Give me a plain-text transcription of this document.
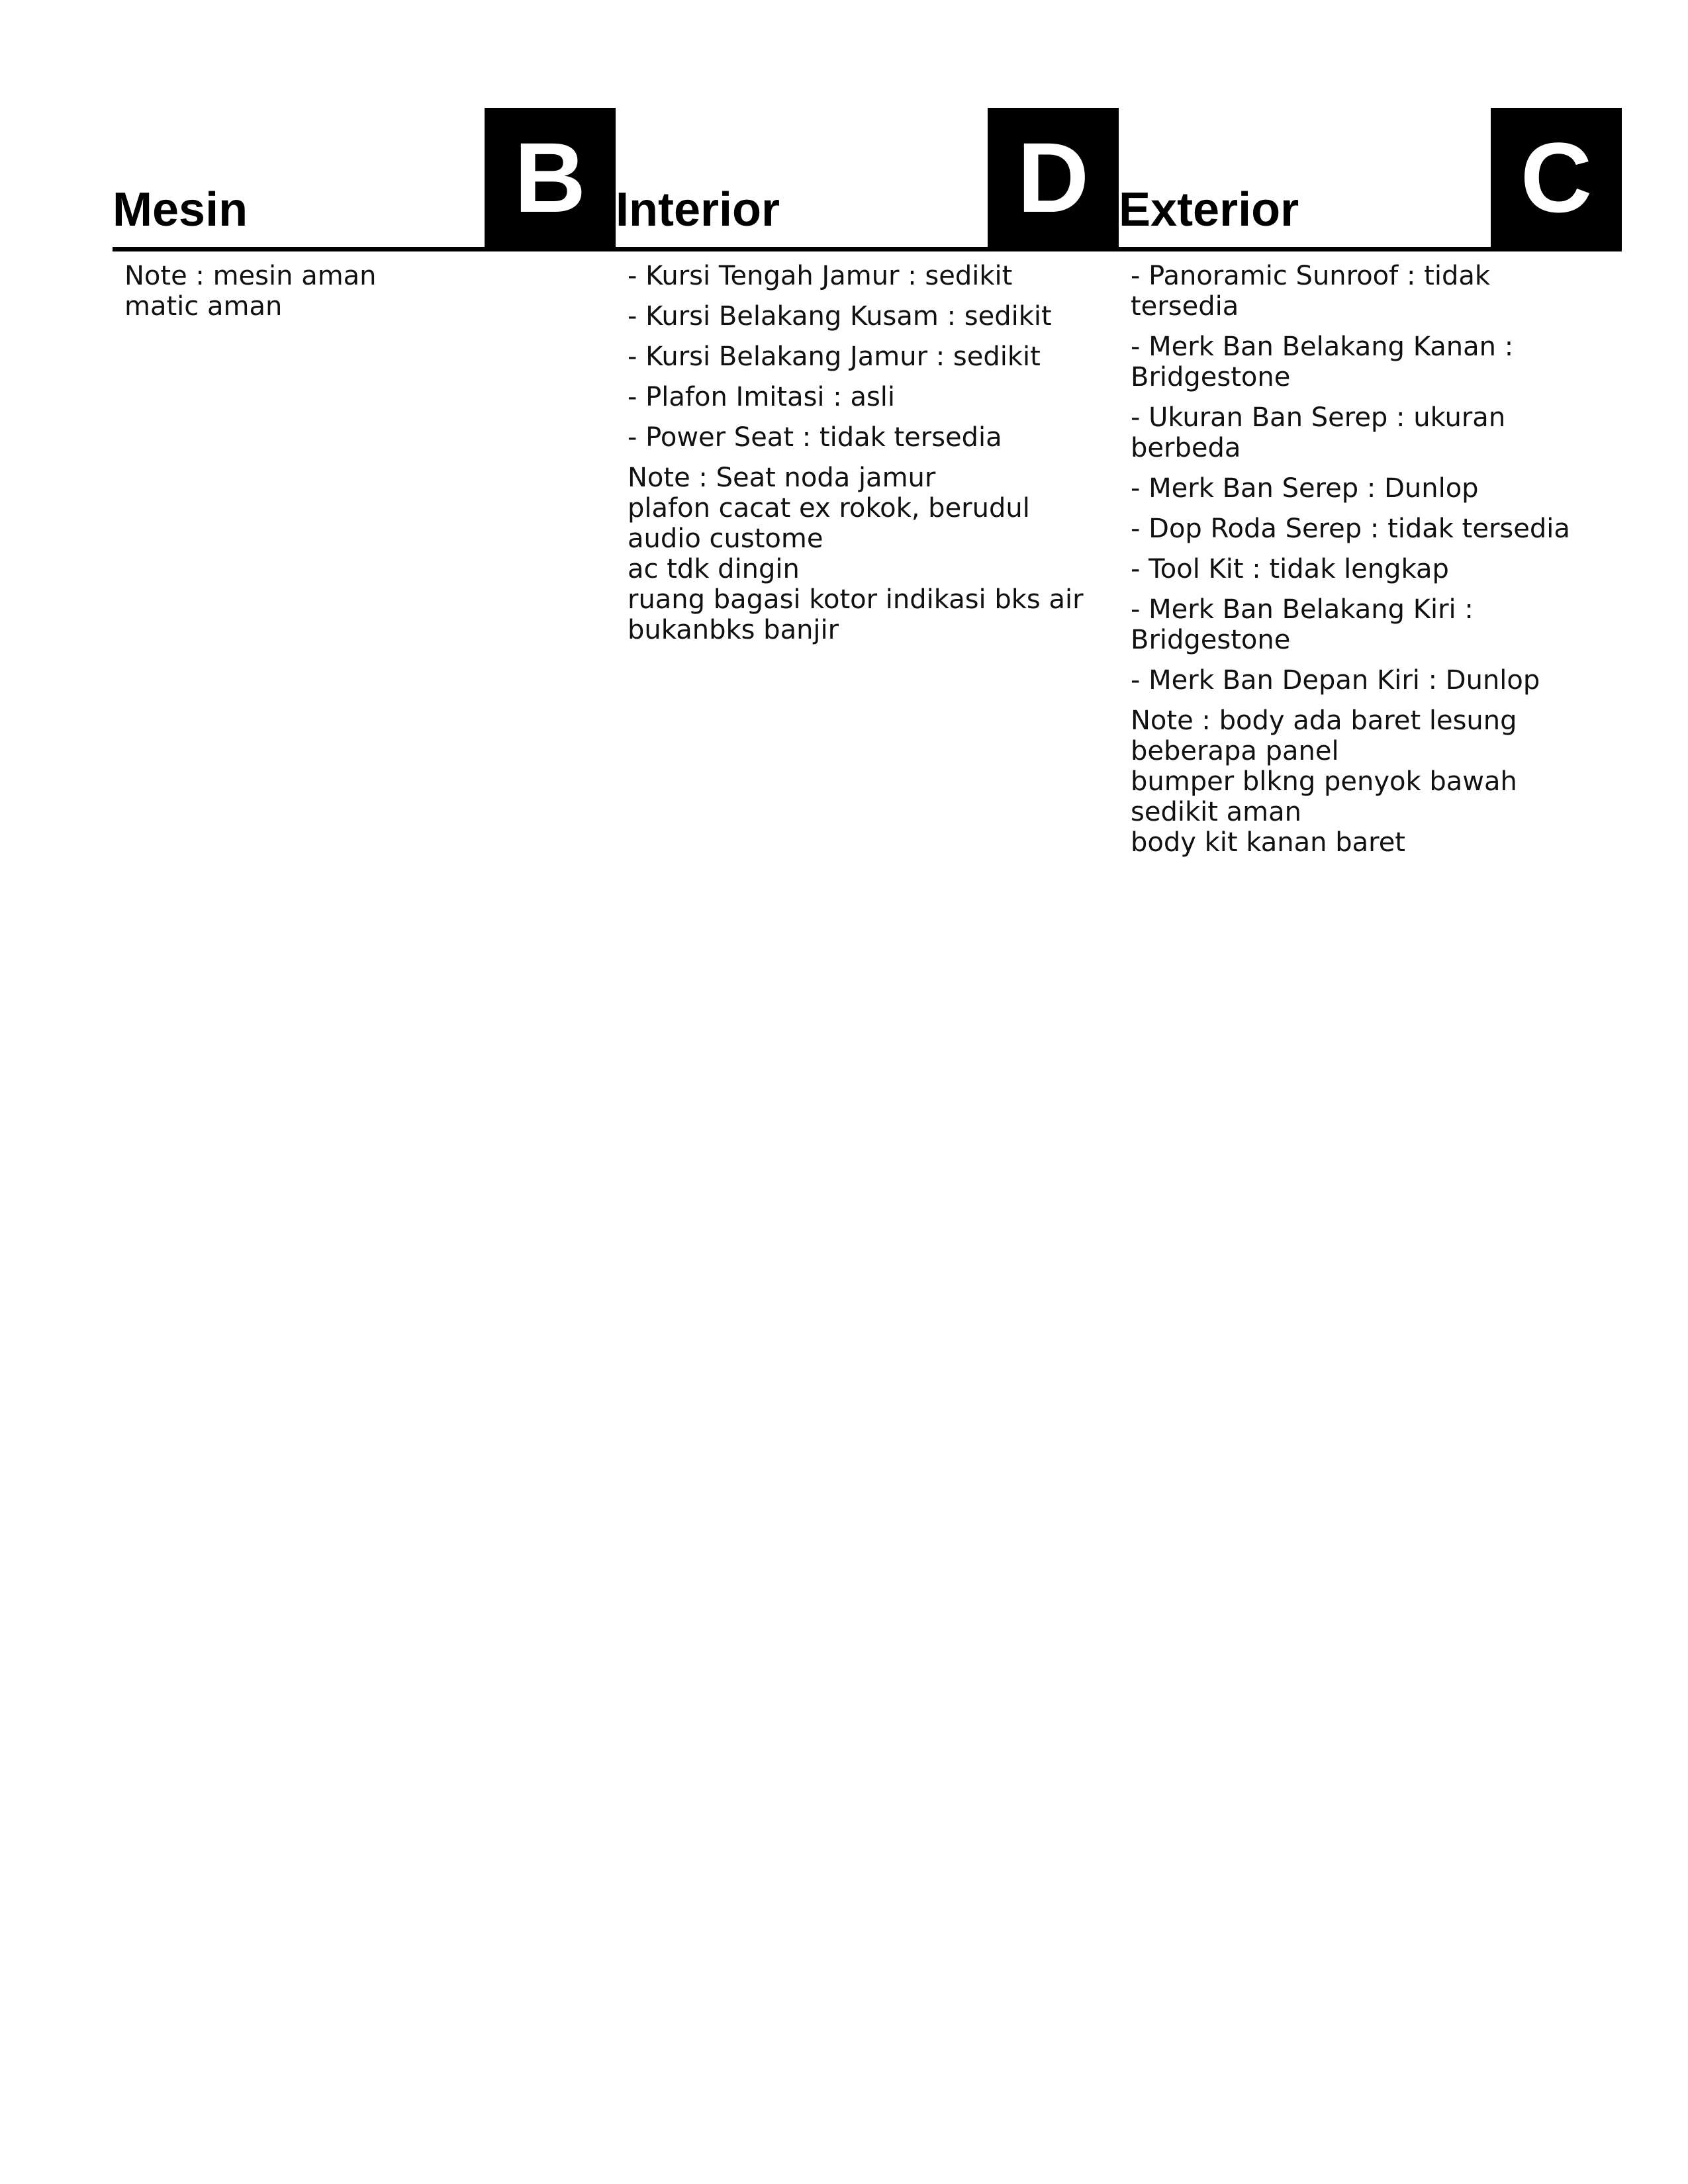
Mesin	B
Note : mesin aman
matic aman
Interior D
- Kursi Tengah Jamur : sedikit
- Kursi Belakang Kusam : sedikit
- Kursi Belakang Jamur : sedikit
- Plafon Imitasi : asli
- Power Seat : tidak tersedia
Note : Seat noda jamur
plafon cacat ex rokok, berudul
audio custome
ac tdk dingin
ruang bagasi kotor indikasi bks air
bukanbks banjir
Exterior C
- Panoramic Sunroof : tidak tersedia
- Merk Ban Belakang Kanan : Bridgestone
- Ukuran Ban Serep : ukuran berbeda
- Merk Ban Serep : Dunlop
- Dop Roda Serep : tidak tersedia
- Tool Kit : tidak lengkap
- Merk Ban Belakang Kiri : Bridgestone
- Merk Ban Depan Kiri : Dunlop
Note : body ada baret lesung beberapa panel
bumper blkng penyok bawah sedikit aman
body kit kanan baret
